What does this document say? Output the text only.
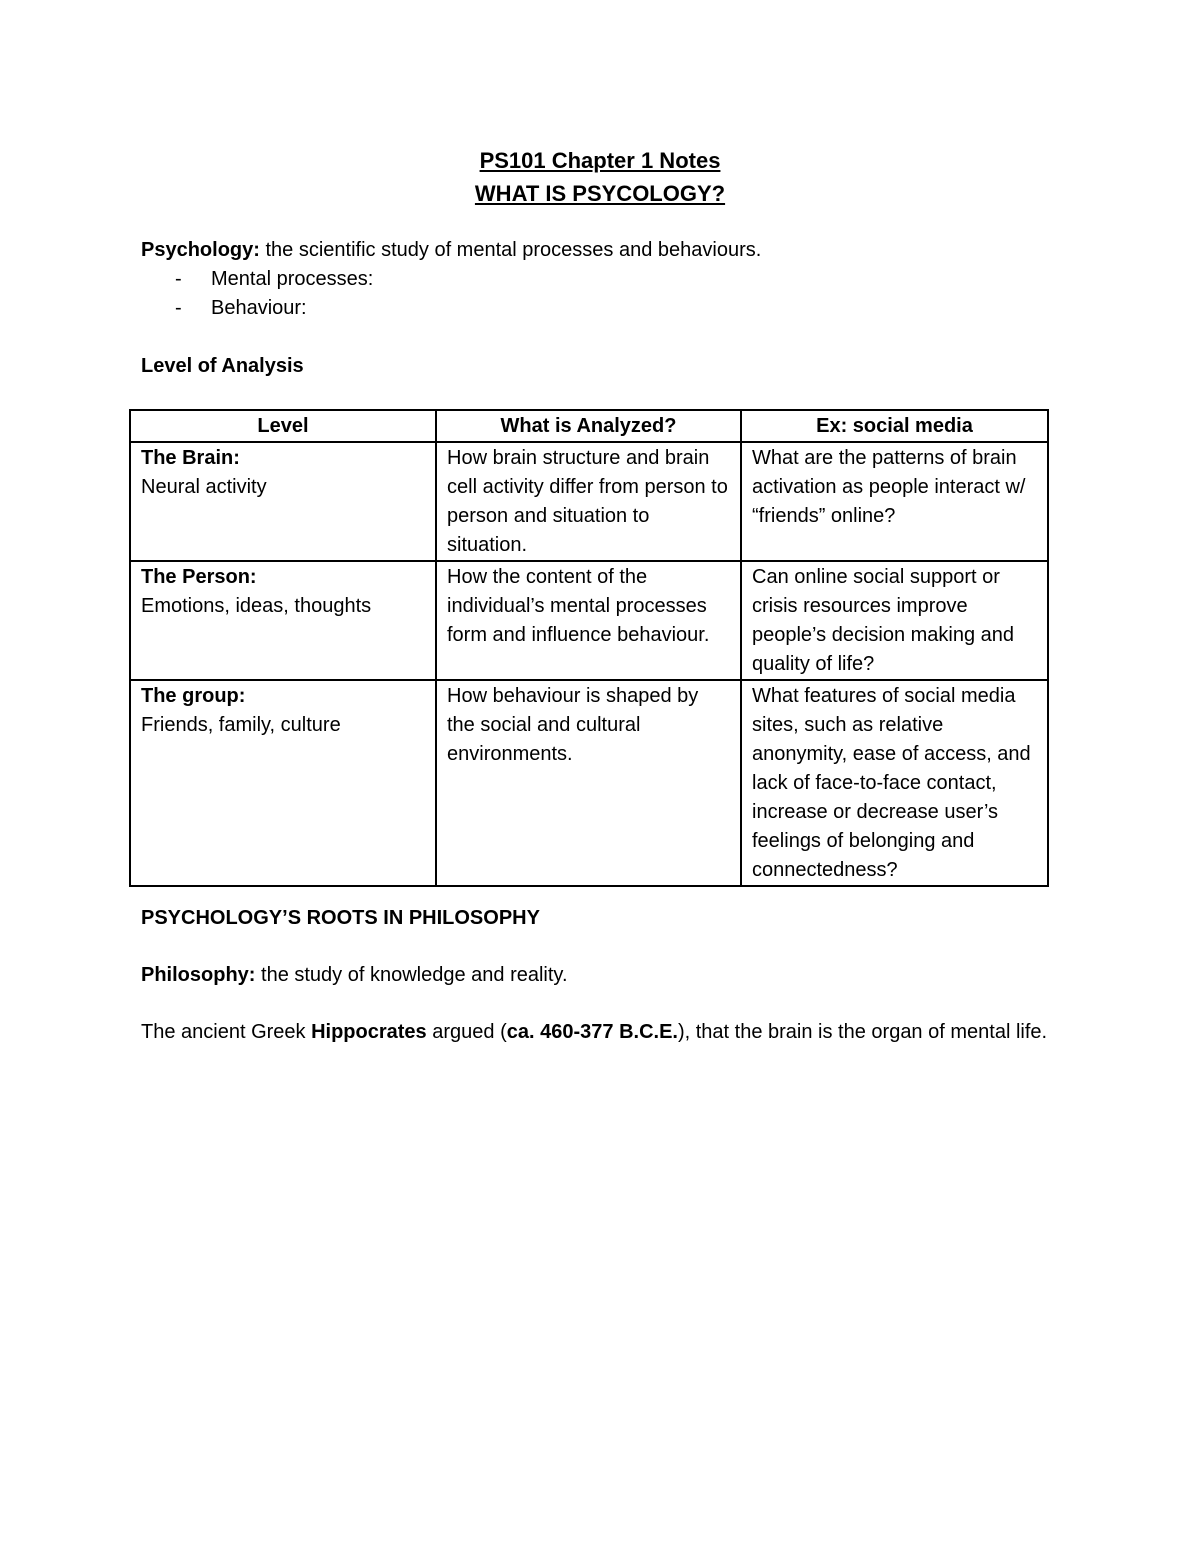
PS101 Chapter 1 Notes
WHAT IS PSYCOLOGY?
Psychology: the scientific study of mental processes and behaviours.
-	Mental processes:
-	Behaviour:
Level of Analysis
Level	What is Analyzed?	Ex: social media

The Brain:
Neural activity	How brain structure and brain cell activity differ from person to person and situation to situation.	What are the patterns of brain activation as people interact w/ “friends” online?

The Person:
Emotions, ideas, thoughts	How the content of the individual’s mental processes form and influence behaviour.	Can online social support or crisis resources improve people’s decision making and quality of life?

The group:
Friends, family, culture	How behaviour is shaped by the social and cultural environments.	What features of social media sites, such as relative anonymity, ease of access, and lack of face-to-face contact, increase or decrease user’s feelings of belonging and connectedness?
PSYCHOLOGY’S ROOTS IN PHILOSOPHY
Philosophy: the study of knowledge and reality.
The ancient Greek Hippocrates argued (ca. 460-377 B.C.E.), that the brain is the organ of mental life.
